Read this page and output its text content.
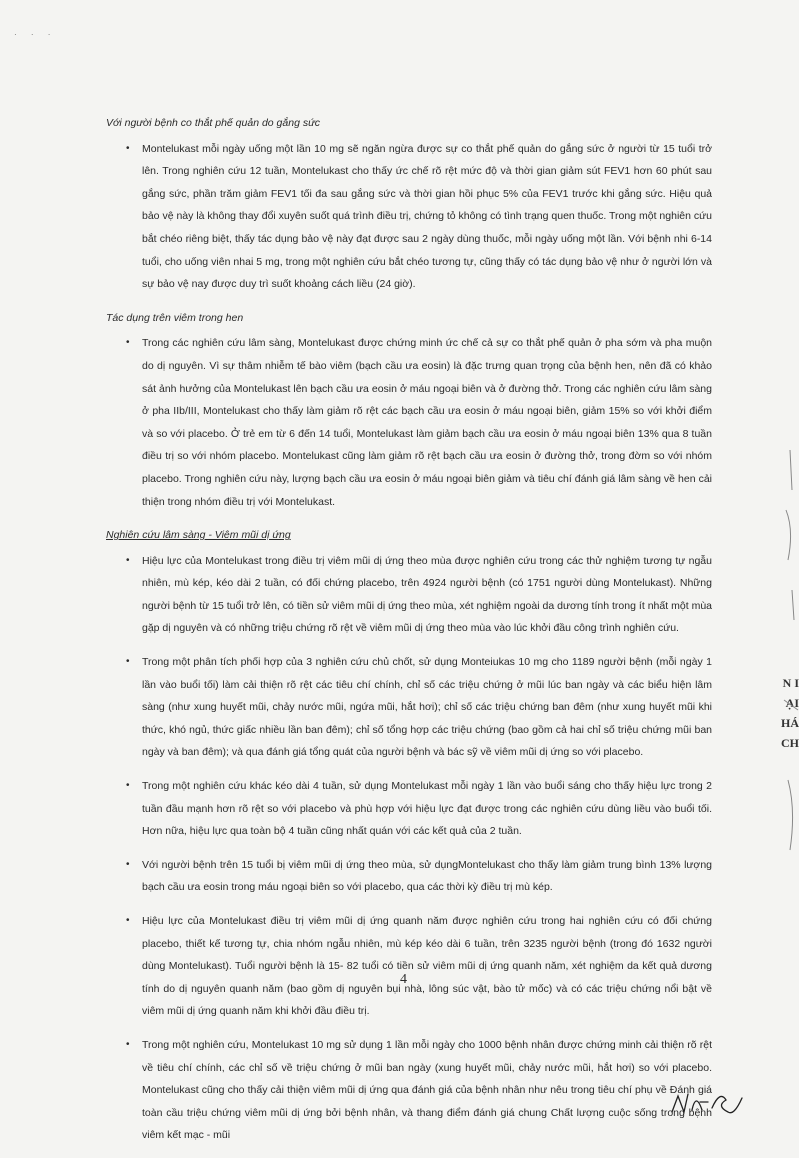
· · ·

Với người bệnh co thắt phế quản do gắng sức

• Montelukast mỗi ngày uống một lần 10 mg sẽ ngăn ngừa được sự co thắt phế quản do gắng sức ở người từ 15 tuổi trở lên. Trong nghiên cứu 12 tuần, Montelukast cho thấy ức chế rõ rệt mức độ và thời gian giảm sút FEV1 hơn 60 phút sau gắng sức, phần trăm giảm FEV1 tối đa sau gắng sức và thời gian hồi phục 5% của FEV1 trước khi gắng sức. Hiệu quả bảo vệ này là không thay đổi xuyên suốt quá trình điều trị, chứng tỏ không có tình trạng quen thuốc. Trong một nghiên cứu bắt chéo riêng biệt, thấy tác dụng bảo vệ này đạt được sau 2 ngày dùng thuốc, mỗi ngày uống một lần. Với bệnh nhi 6-14 tuổi, cho uống viên nhai 5 mg, trong một nghiên cứu bắt chéo tương tự, cũng thấy có tác dụng bảo vệ như ở người lớn và sự bảo vệ nay được duy trì suốt khoảng cách liều (24 giờ).

Tác dụng trên viêm trong hen

• Trong các nghiên cứu lâm sàng, Montelukast được chứng minh ức chế cả sự co thắt phế quản ở pha sớm và pha muộn do dị nguyên. Vì sự thâm nhiễm tế bào viêm (bạch cầu ưa eosin) là đặc trưng quan trọng của bệnh hen, nên đã có khảo sát ảnh hưởng của Montelukast lên bạch cầu ưa eosin ở máu ngoại biên và ở đường thở. Trong các nghiên cứu lâm sàng ở pha IIb/III, Montelukast cho thấy làm giảm rõ rệt các bạch cầu ưa eosin ở máu ngoại biên, giảm 15% so với khởi điểm và so với placebo. Ở trẻ em từ 6 đến 14 tuổi, Montelukast làm giảm bạch cầu ưa eosin ở máu ngoại biên 13% qua 8 tuần điều trị so với nhóm placebo. Montelukast cũng làm giảm rõ rệt bạch cầu ưa eosin ở đường thở, trong đờm so với nhóm placebo. Trong nghiên cứu này, lượng bạch cầu ưa eosin ở máu ngoại biên giảm và tiêu chí đánh giá lâm sàng về hen cải thiện trong nhóm điều trị với Montelukast.

Nghiên cứu lâm sàng - Viêm mũi dị ứng

• Hiệu lực của Montelukast trong điều trị viêm mũi dị ứng theo mùa được nghiên cứu trong các thử nghiệm tương tự ngẫu nhiên, mù kép, kéo dài 2 tuần, có đối chứng placebo, trên 4924 người bệnh (có 1751 người dùng Montelukast). Những người bệnh từ 15 tuổi trở lên, có tiền sử viêm mũi dị ứng theo mùa, xét nghiệm ngoài da dương tính trong ít nhất một mùa gặp dị nguyên và có những triệu chứng rõ rệt về viêm mũi dị ứng theo mùa vào lúc khởi đầu công trình nghiên cứu.
• Trong một phân tích phối hợp của 3 nghiên cứu chủ chốt, sử dụng Monteiukas 10 mg cho 1189 người bệnh (mỗi ngày 1 lần vào buổi tối) làm cải thiện rõ rệt các tiêu chí chính, chỉ số các triệu chứng ở mũi lúc ban ngày và các biểu hiện lâm sàng (như xung huyết mũi, chảy nước mũi, ngứa mũi, hắt hơi); chỉ số các triệu chứng ban đêm (như xung huyết mũi khi thức, khó ngủ, thức giấc nhiều lần ban đêm); chỉ số tổng hợp các triệu chứng (bao gồm cả hai chỉ số triệu chứng mũi ban ngày và ban đêm); và qua đánh giá tổng quát của người bệnh và bác sỹ về viêm mũi dị ứng so với placebo.
• Trong một nghiên cứu khác kéo dài 4 tuần, sử dụng Montelukast mỗi ngày 1 lần vào buổi sáng cho thấy hiệu lực trong 2 tuần đầu mạnh hơn rõ rệt so với placebo và phù hợp với hiệu lực đạt được trong các nghiên cứu dùng liều vào buổi tối. Hơn nữa, hiệu lực qua toàn bộ 4 tuần cũng nhất quán với các kết quả của 2 tuần.
• Với người bệnh trên 15 tuổi bị viêm mũi dị ứng theo mùa, sử dụngMontelukast cho thấy làm giảm trung bình 13% lượng bạch cầu ưa eosin trong máu ngoại biên so với placebo, qua các thời kỳ điều trị mù kép.
• Hiệu lực của Montelukast điều trị viêm mũi dị ứng quanh năm được nghiên cứu trong hai nghiên cứu có đối chứng placebo, thiết kế tương tự, chia nhóm ngẫu nhiên, mù kép kéo dài 6 tuần, trên 3235 người bệnh (trong đó 1632 người dùng Montelukast). Tuổi người bệnh là 15- 82 tuổi có tiền sử viêm mũi dị ứng quanh năm, xét nghiệm da kết quả dương tính do dị nguyên quanh năm (bao gồm dị nguyên bụi nhà, lông súc vật, bào tử mốc) và có các triệu chứng nổi bật về viêm mũi dị ứng quanh năm khi khởi đầu điều trị.
• Trong một nghiên cứu, Montelukast 10 mg sử dụng 1 lần mỗi ngày cho 1000 bệnh nhân được chứng minh cải thiện rõ rệt về tiêu chí chính, các chỉ số về triệu chứng ở mũi ban ngày (xung huyết mũi, chảy nước mũi, hắt hơi) so với placebo. Montelukast cũng cho thấy cải thiện viêm mũi dị ứng qua đánh giá của bệnh nhân như nêu trong tiêu chí phụ về Đánh giá toàn cầu triệu chứng viêm mũi dị ứng bởi bệnh nhân, và thang điểm đánh giá chung Chất lượng cuộc sống trong bệnh viêm kết mạc - mũi
4
N I
ẠI
HÁ
CH
